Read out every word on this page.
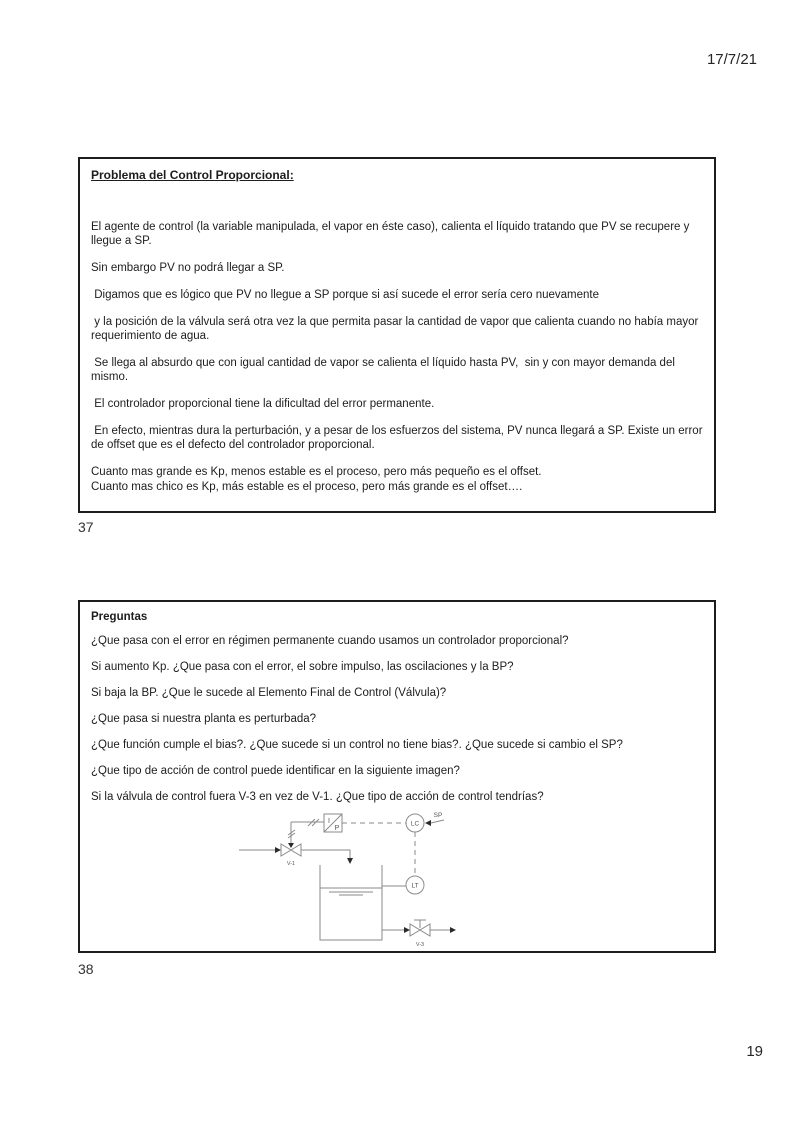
17/7/21

Problema del Control Proporcional:

El agente de control (la variable manipulada, el vapor en éste caso), calienta el líquido tratando que PV se recupere y llegue a SP.

Sin embargo PV no podrá llegar a SP.

Digamos que es lógico que PV no llegue a SP porque si así sucede el error sería cero nuevamente

y la posición de la válvula será otra vez la que permita pasar la cantidad de vapor que calienta cuando no había mayor requerimiento de agua.

Se llega al absurdo que con igual cantidad de vapor se calienta el líquido hasta PV,  sin y con mayor demanda del mismo.

El controlador proporcional tiene la dificultad del error permanente.

En efecto, mientras dura la perturbación, y a pesar de los esfuerzos del sistema, PV nunca llegará a SP. Existe un error de offset que es el defecto del controlador proporcional.

Cuanto mas grande es Kp, menos estable es el proceso, pero más pequeño es el offset.

Cuanto mas chico es Kp, más estable es el proceso, pero más grande es el offset….

37

Preguntas

¿Que pasa con el error en régimen permanente cuando usamos un controlador proporcional?

Si aumento Kp. ¿Que pasa con el error, el sobre impulso, las oscilaciones y la BP?

Si baja la BP. ¿Que le sucede al Elemento Final de Control (Válvula)?

¿Que pasa si nuestra planta es perturbada?

¿Que función cumple el bias?. ¿Que sucede si un control no tiene bias?. ¿Que sucede si cambio el SP?

¿Que tipo de acción de control puede identificar en la siguiente imagen?

Si la válvula de control fuera V-3 en vez de V-1. ¿Que tipo de acción de control tendrías?

I
P
LC
SP
LT
V-1
V-3
38
19
